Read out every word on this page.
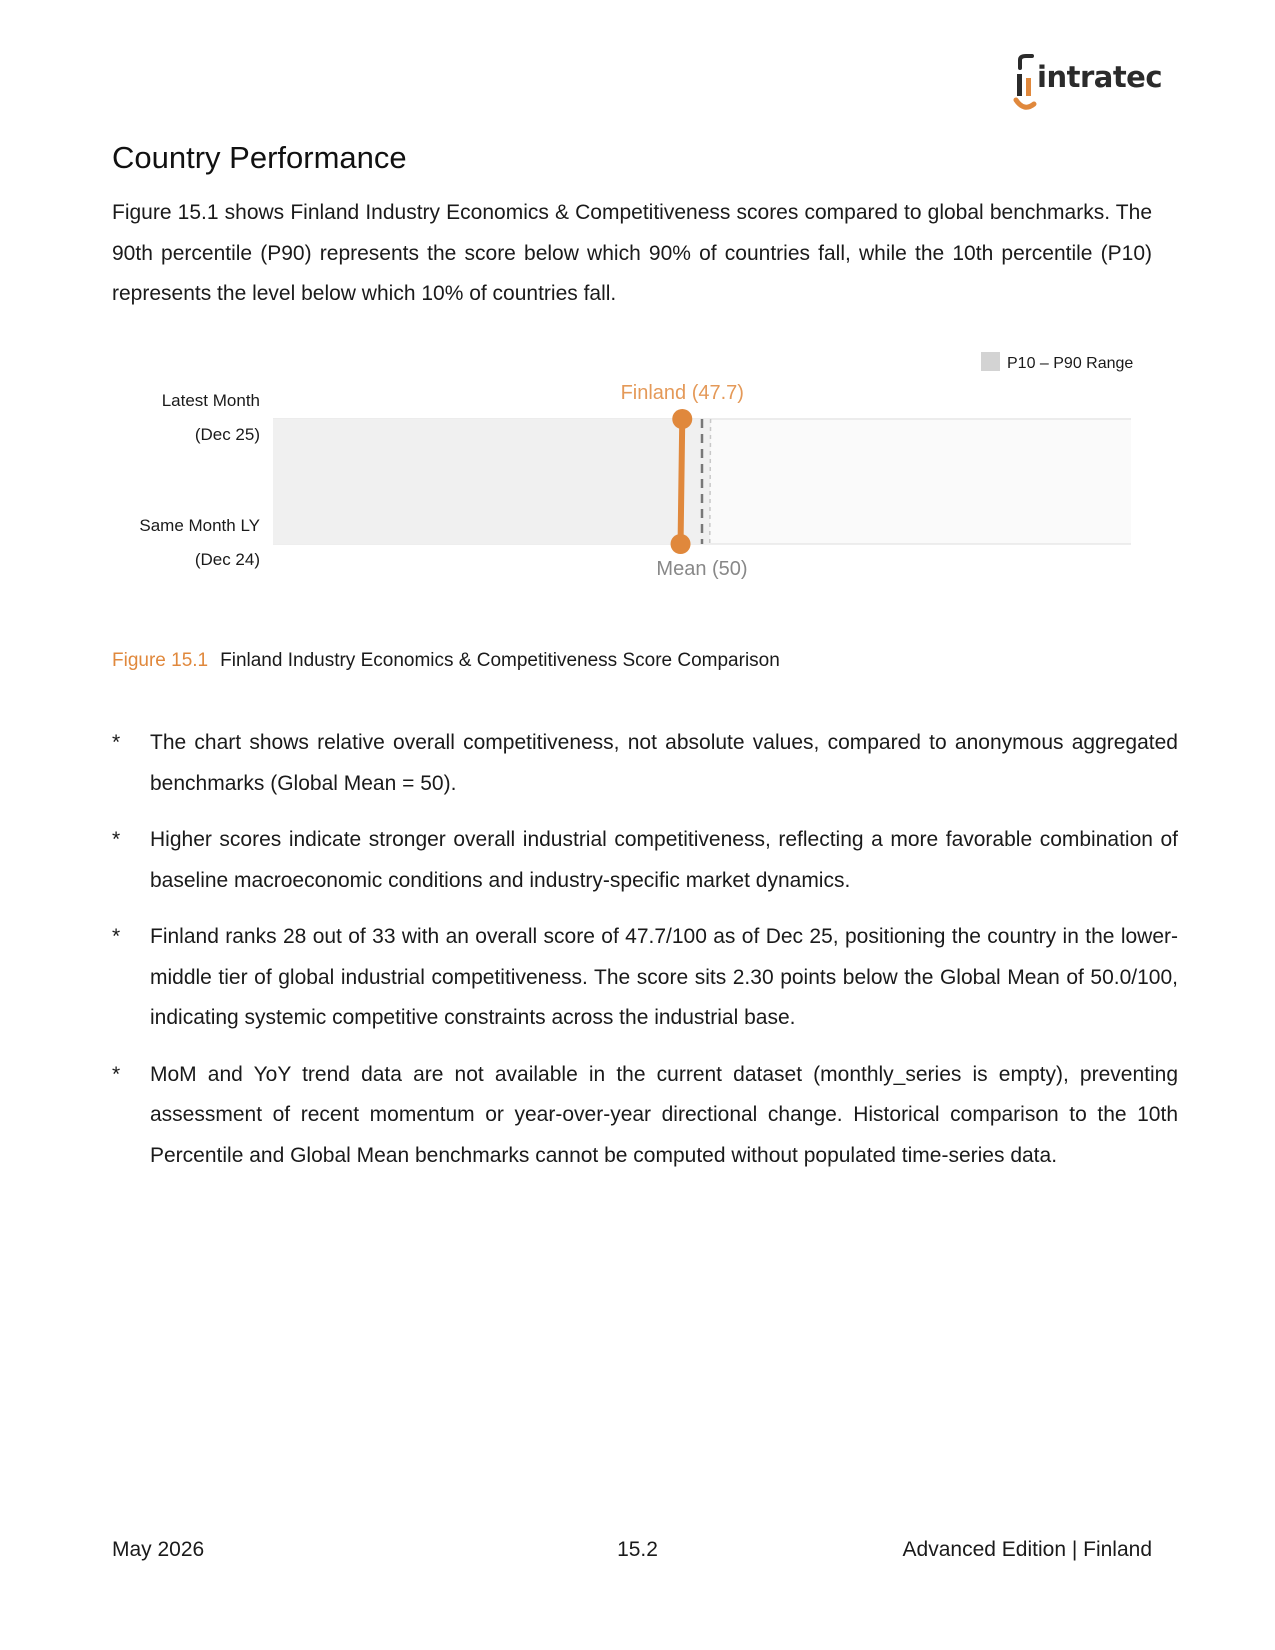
intratec
Country Performance

Figure 15.1 shows Finland Industry Economics & Competitiveness scores compared to global benchmarks. The 90th percentile (P90) represents the score below which 90% of countries fall, while the 10th percentile (P10) represents the level below which 10% of countries fall.

P10 – P90 Range
Latest Month
(Dec 25)
Same Month LY
(Dec 24)
Finland (47.7)
Mean (50)
Figure 15.1 Finland Industry Economics & Competitiveness Score Comparison
* The chart shows relative overall competitiveness, not absolute values, compared to anonymous aggregated benchmarks (Global Mean = 50).
* Higher scores indicate stronger overall industrial competitiveness, reflecting a more favorable combination of baseline macroeconomic conditions and industry-specific market dynamics.
* Finland ranks 28 out of 33 with an overall score of 47.7/100 as of Dec 25, positioning the country in the lower-middle tier of global industrial competitiveness. The score sits 2.30 points below the Global Mean of 50.0/100, indicating systemic competitive constraints across the industrial base.
* MoM and YoY trend data are not available in the current dataset (monthly_series is empty), preventing assessment of recent momentum or year-over-year directional change. Historical comparison to the 10th Percentile and Global Mean benchmarks cannot be computed without populated time-series data.
May 2026	15.2	Advanced Edition | Finland
